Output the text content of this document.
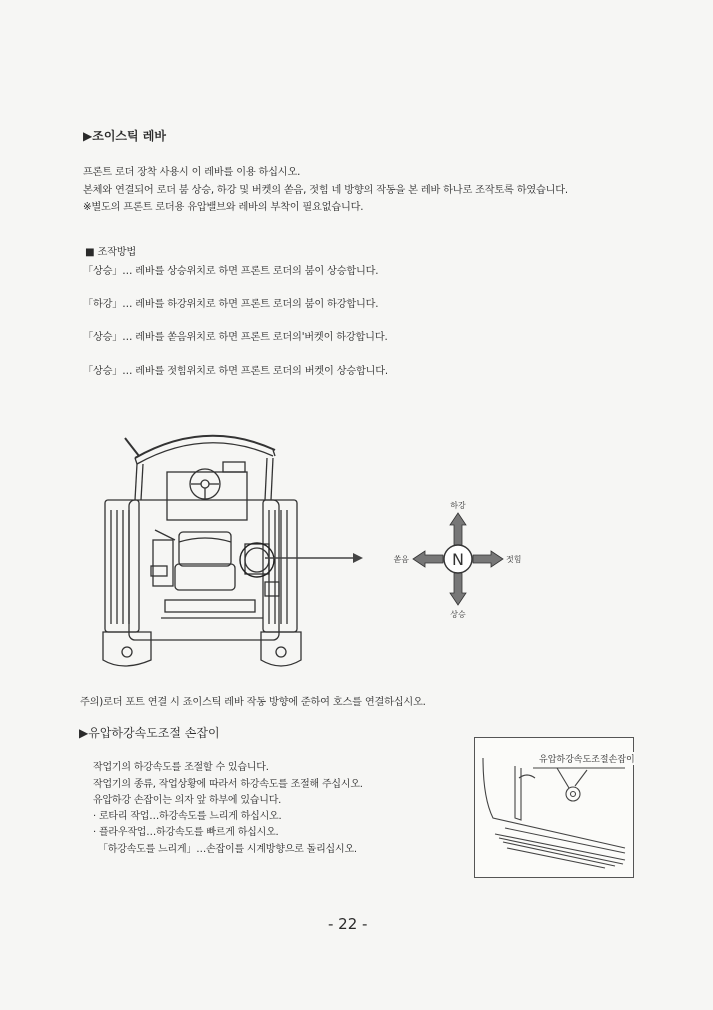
▶조이스틱 레바
프론트 로더 장착 사용시 이 레바를 이용 하십시오.
본체와 연결되어 로더 붐 상승, 하강 및 버켓의 쏟음, 젓힘 네 방향의 작동을 본 레바 하나로 조작토록 하였습니다.
※별도의 프론트 로더용 유압밸브와 레바의 부착이 필요없습니다.
■ 조작방법
「상승」… 레바를 상승위치로 하면 프론트 로더의 붐이 상승합니다.
「하강」… 레바를 하강위치로 하면 프론트 로더의 붐이 하강합니다.
「상승」… 레바를 쏟음위치로 하면 프론트 로더의'버켓이 하강합니다.
「상승」… 레바를 젓힘위치로 하면 프론트 로더의 버켓이 상승합니다.
N
하강
상승
쏟음	젓힘
주의)로더 포트 연결 시 죠이스틱 레바 작동 방향에 준하여 호스를 연결하십시오.
▶유압하강속도조절 손잡이
작업기의 하강속도를 조절할 수 있습니다.
작업기의 종류, 작업상황에 따라서 하강속도를 조절해 주십시오.
유압하강 손잡이는 의자 앞 하부에 있습니다.
· 로타리 작업…하강속도를 느리게 하십시오.
· 플라우작업…하강속도를 빠르게 하십시오.
「하강속도를 느리게」…손잡이를 시계방향으로 돌리십시오.
유압하강속도조절손잡이
- 22 -
